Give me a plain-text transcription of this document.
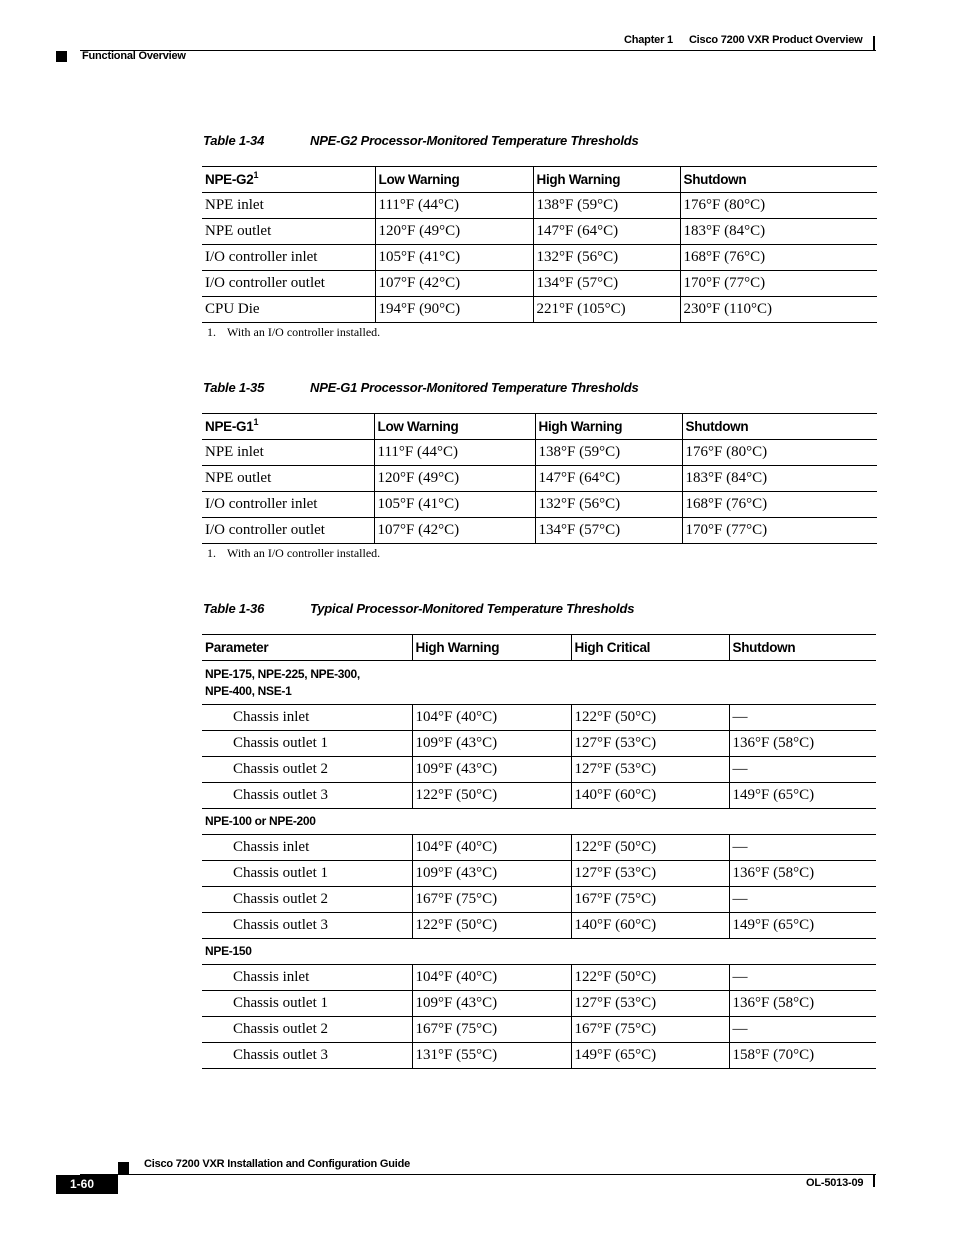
Chapter 1 Cisco 7200 VXR Product Overview
Functional Overview
Table 1-34	NPE-G2 Processor-Monitored Temperature Thresholds
NPE-$G2^1$	Low Warning	High Warning	Shutdown
NPE inlet	111°F (44°C)	138°F (59°C)	176°F (80°C)
NPE outlet	120°F (49°C)	147°F (64°C)	183°F (84°C)
I/O controller inlet	105°F (41°C)	132°F (56°C)	168°F (76°C)
I/O controller outlet	107°F (42°C)	134°F (57°C)	170°F (77°C)
CPU Die	194°F (90°C)	221°F (105°C)	230°F (110°C)
1. With an I/O controller installed.
Table 1-35	NPE-G1 Processor-Monitored Temperature Thresholds
NPE-$G1^1$	Low Warning	High Warning	Shutdown
NPE inlet	111°F (44°C)	138°F (59°C)	176°F (80°C)
NPE outlet	120°F (49°C)	147°F (64°C)	183°F (84°C)
I/O controller inlet	105°F (41°C)	132°F (56°C)	168°F (76°C)
I/O controller outlet	107°F (42°C)	134°F (57°C)	170°F (77°C)
1. With an I/O controller installed.
Table 1-36	Typical Processor-Monitored Temperature Thresholds
Parameter	High Warning	High Critical	Shutdown

NPE-175, NPE-225, NPE-300,
NPE-400, NSE-1			

Chassis inlet	104°F (40°C)	122°F (50°C)	—
Chassis outlet 1	109°F (43°C)	127°F (53°C)	136°F (58°C)
Chassis outlet 2	109°F (43°C)	127°F (53°C)	—
Chassis outlet 3	122°F (50°C)	140°F (60°C)	149°F (65°C)

NPE-100 or NPE-200			

Chassis inlet	104°F (40°C)	122°F (50°C)	—
Chassis outlet 1	109°F (43°C)	127°F (53°C)	136°F (58°C)
Chassis outlet 2	167°F (75°C)	167°F (75°C)	—
Chassis outlet 3	122°F (50°C)	140°F (60°C)	149°F (65°C)

NPE-150			

Chassis inlet	104°F (40°C)	122°F (50°C)	—
Chassis outlet 1	109°F (43°C)	127°F (53°C)	136°F (58°C)
Chassis outlet 2	167°F (75°C)	167°F (75°C)	—
Chassis outlet 3	131°F (55°C)	149°F (65°C)	158°F (70°C)
Cisco 7200 VXR Installation and Configuration Guide
1-60	OL-5013-09
